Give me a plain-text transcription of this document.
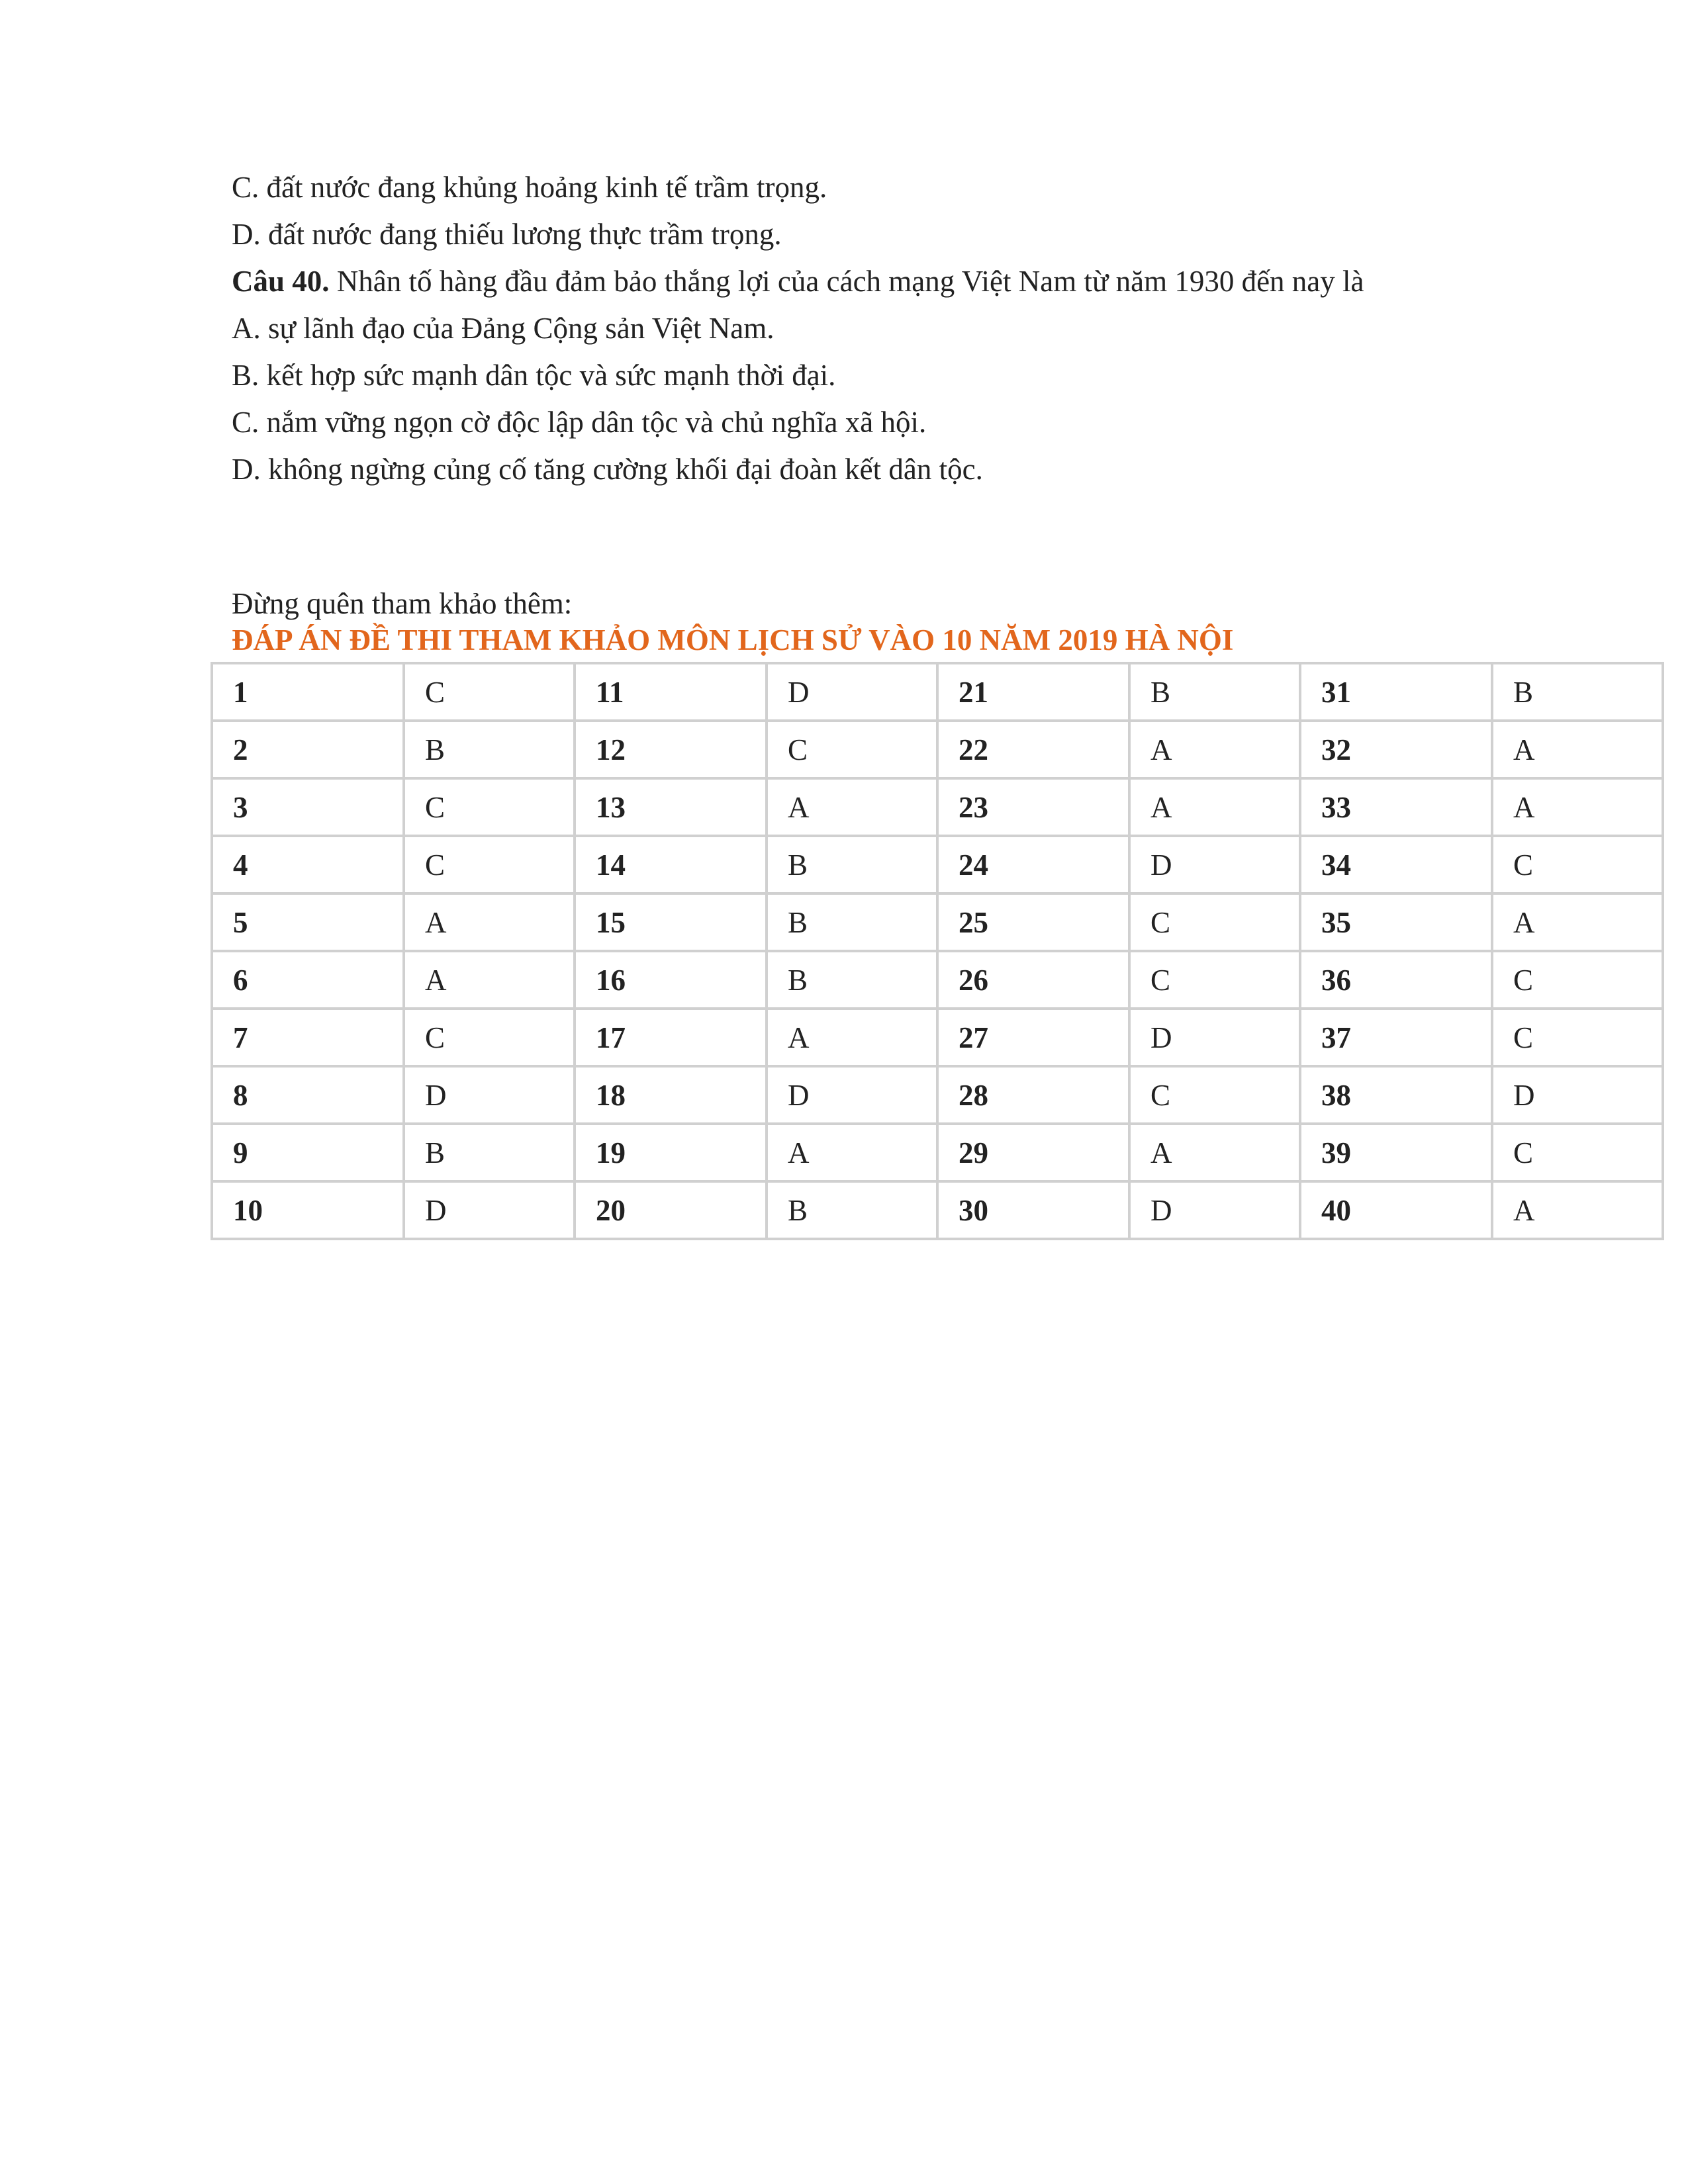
C. đất nước đang khủng hoảng kinh tế trầm trọng.
D. đất nước đang thiếu lương thực trầm trọng.
Câu 40. Nhân tố hàng đầu đảm bảo thắng lợi của cách mạng Việt Nam từ năm 1930 đến nay là
A. sự lãnh đạo của Đảng Cộng sản Việt Nam.
B. kết hợp sức mạnh dân tộc và sức mạnh thời đại.
C. nắm vững ngọn cờ độc lập dân tộc và chủ nghĩa xã hội.
D. không ngừng củng cố tăng cường khối đại đoàn kết dân tộc.
Đừng quên tham khảo thêm:
ĐÁP ÁN ĐỀ THI THAM KHẢO MÔN LỊCH SỬ VÀO 10 NĂM 2019 HÀ NỘI
1	C	11	D	21	B	31	B
2	B	12	C	22	A	32	A
3	C	13	A	23	A	33	A
4	C	14	B	24	D	34	C
5	A	15	B	25	C	35	A
6	A	16	B	26	C	36	C
7	C	17	A	27	D	37	C
8	D	18	D	28	C	38	D
9	B	19	A	29	A	39	C
10	D	20	B	30	D	40	A
